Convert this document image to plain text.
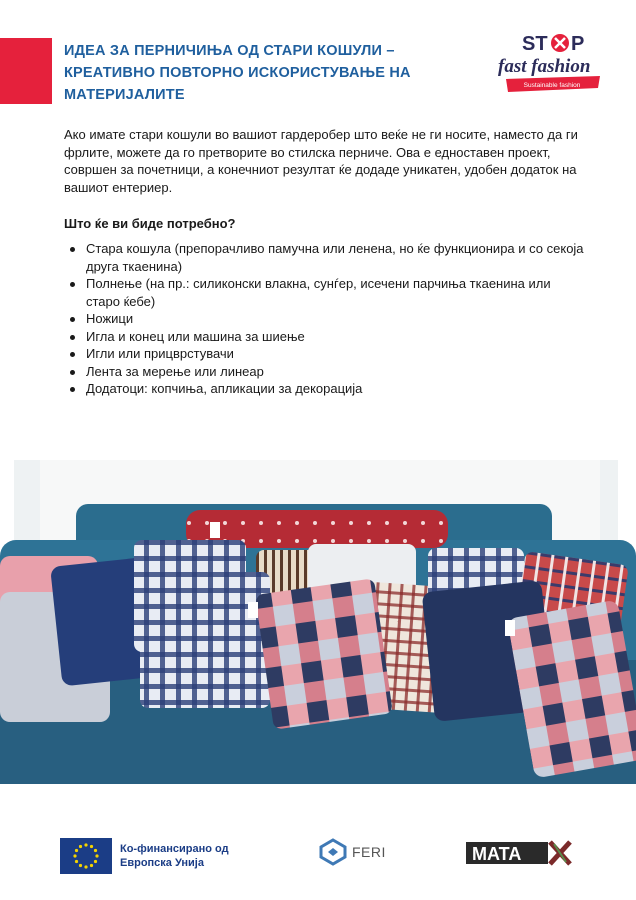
ИДЕА ЗА ПЕРНИЧИЊА ОД СТАРИ КОШУЛИ – КРЕАТИВНО ПОВТОРНО ИСКОРИСТУВАЊЕ НА МАТЕРИЈАЛИТЕ
ST P
fast fashion
Sustainable fashion

Ако имате стари кошули во вашиот гардеробер што веќе не ги носите, наместо да ги фрлите, можете да го претворите во стилска перниче. Ова е едноставен проект, совршен за почетници, а конечниот резултат ќе додаде уникатен, удобен додаток на вашиот ентериер.

Што ќе ви биде потребно?
Стара кошула (препорачливо памучна или ленена, но ќе функционира и со секоја друга ткаенина)
Полнење (на пр.: силиконски влакна, сунѓер, исечени парчиња ткаенина или старо ќебе)
Ножици
Игла и конец или машина за шиење
Игли или прицврстувачи
Лента за мерење или линеар
Додатоци: копчиња, апликации за декорација
Ко-финансирано од
Европска Унија
FERI	MATA
